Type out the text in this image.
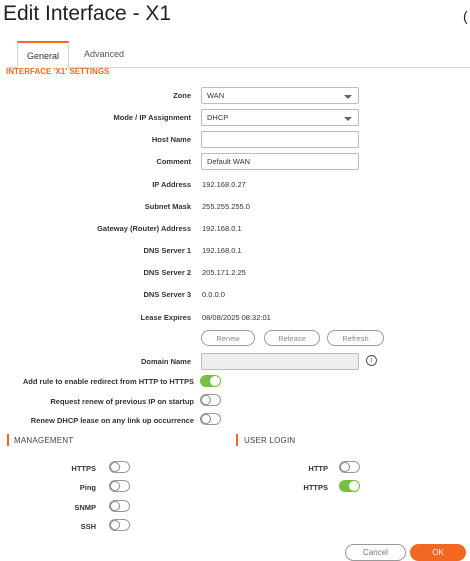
Edit Interface - X1	(
General	Advanced
INTERFACE 'X1' SETTINGS
Zone	WAN
Mode / IP Assignment	DHCP
Host Name
Comment	Default WAN
IP Address 192.168.0.27
Subnet Mask 255.255.255.0
Gateway (Router) Address 192.168.0.1
DNS Server 1 192.168.0.1
DNS Server 2 205.171.2.25
DNS Server 3 0.0.0.0
Lease Expires 08/08/2025 08:32:01
Renew	Release	Refresh
Domain Name	i
Add rule to enable redirect from HTTP to HTTPS
Request renew of previous IP on startup
Renew DHCP lease on any link up occurrence
MANAGEMENT
HTTPS
Ping
SNMP
SSH
USER LOGIN
HTTP
HTTPS
Cancel	OK
